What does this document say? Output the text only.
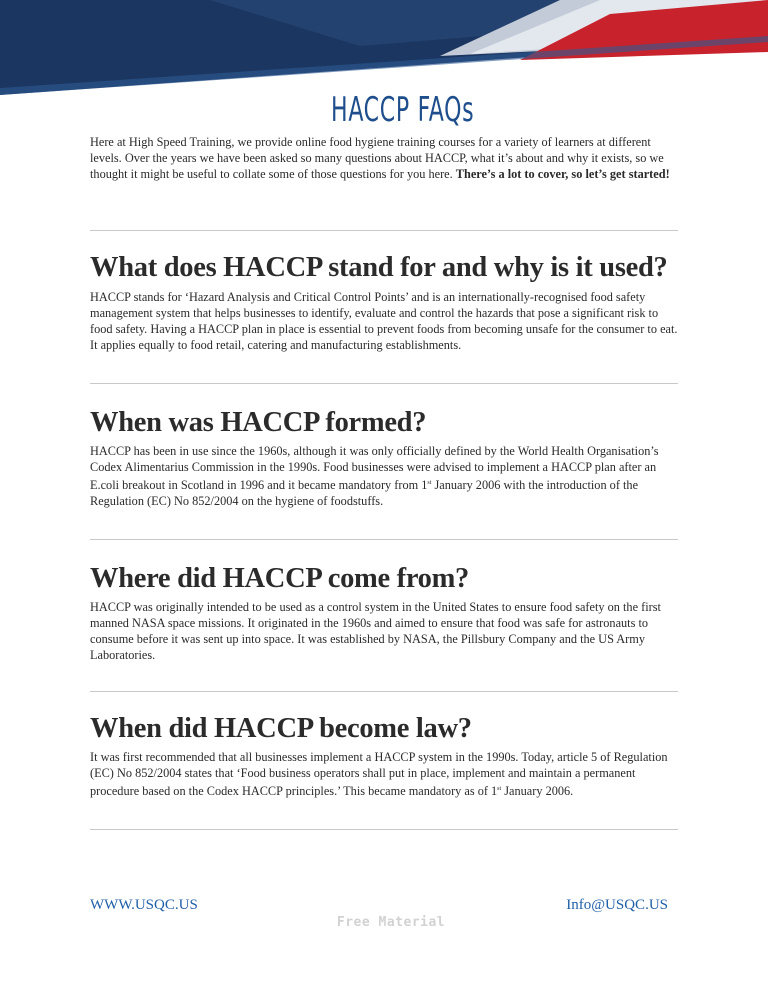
HACCP FAQs

Here at High Speed Training, we provide online food hygiene training courses for a variety of learners at different levels. Over the years we have been asked so many questions about HACCP, what it’s about and why it exists, so we thought it might be useful to collate some of those questions for you here. There’s a lot to cover, so let’s get started!

What does HACCP stand for and why is it used?

HACCP stands for ‘Hazard Analysis and Critical Control Points’ and is an internationally-recognised food safety management system that helps businesses to identify, evaluate and control the hazards that pose a significant risk to food safety. Having a HACCP plan in place is essential to prevent foods from becoming unsafe for the consumer to eat. It applies equally to food retail, catering and manufacturing establishments.

When was HACCP formed?

HACCP has been in use since the 1960s, although it was only officially defined by the World Health Organisation’s Codex Alimentarius Commission in the 1990s. Food businesses were advised to implement a HACCP plan after an E.coli breakout in Scotland in 1996 and it became mandatory from 1st January 2006 with the introduction of the Regulation (EC) No 852/2004 on the hygiene of foodstuffs.

Where did HACCP come from?

HACCP was originally intended to be used as a control system in the United States to ensure food safety on the first manned NASA space missions. It originated in the 1960s and aimed to ensure that food was safe for astronauts to consume before it was sent up into space. It was established by NASA, the Pillsbury Company and the US Army Laboratories.

When did HACCP become law?

It was first recommended that all businesses implement a HACCP system in the 1990s. Today, article 5 of Regulation (EC) No 852/2004 states that ‘Food business operators shall put in place, implement and maintain a permanent procedure based on the Codex HACCP principles.’ This became mandatory as of 1st January 2006.

WWW.USQC.US	Info@USQC.US
Free Material
